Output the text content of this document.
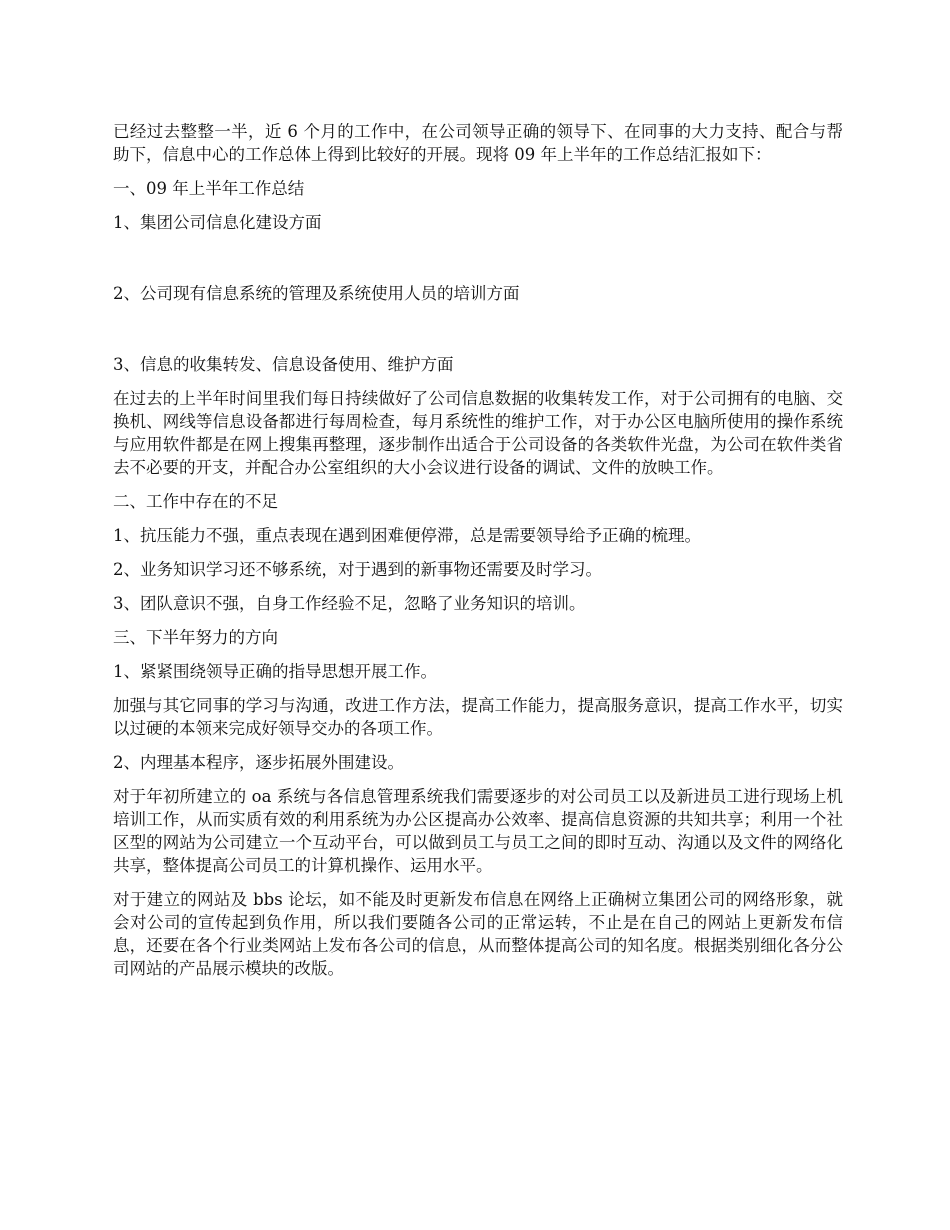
已经过去整整一半，近 6 个月的工作中，在公司领导正确的领导下、在同事的大力支持、配合与帮助下，信息中心的工作总体上得到比较好的开展。现将 09 年上半年的工作总结汇报如下：

一、09 年上半年工作总结

1、集团公司信息化建设方面

2、公司现有信息系统的管理及系统使用人员的培训方面

3、信息的收集转发、信息设备使用、维护方面

在过去的上半年时间里我们每日持续做好了公司信息数据的收集转发工作，对于公司拥有的电脑、交换机、网线等信息设备都进行每周检查，每月系统性的维护工作，对于办公区电脑所使用的操作系统与应用软件都是在网上搜集再整理，逐步制作出适合于公司设备的各类软件光盘，为公司在软件类省去不必要的开支，并配合办公室组织的大小会议进行设备的调试、文件的放映工作。

二、工作中存在的不足

1、抗压能力不强，重点表现在遇到困难便停滞，总是需要领导给予正确的梳理。

2、业务知识学习还不够系统，对于遇到的新事物还需要及时学习。

3、团队意识不强，自身工作经验不足，忽略了业务知识的培训。

三、下半年努力的方向

1、紧紧围绕领导正确的指导思想开展工作。

加强与其它同事的学习与沟通，改进工作方法，提高工作能力，提高服务意识，提高工作水平，切实以过硬的本领来完成好领导交办的各项工作。

2、内理基本程序，逐步拓展外围建设。

对于年初所建立的 oa 系统与各信息管理系统我们需要逐步的对公司员工以及新进员工进行现场上机培训工作，从而实质有效的利用系统为办公区提高办公效率、提高信息资源的共知共享；利用一个社区型的网站为公司建立一个互动平台，可以做到员工与员工之间的即时互动、沟通以及文件的网络化共享，整体提高公司员工的计算机操作、运用水平。

对于建立的网站及 bbs 论坛，如不能及时更新发布信息在网络上正确树立集团公司的网络形象，就会对公司的宣传起到负作用，所以我们要随各公司的正常运转，不止是在自己的网站上更新发布信息，还要在各个行业类网站上发布各公司的信息，从而整体提高公司的知名度。根据类别细化各分公司网站的产品展示模块的改版。
